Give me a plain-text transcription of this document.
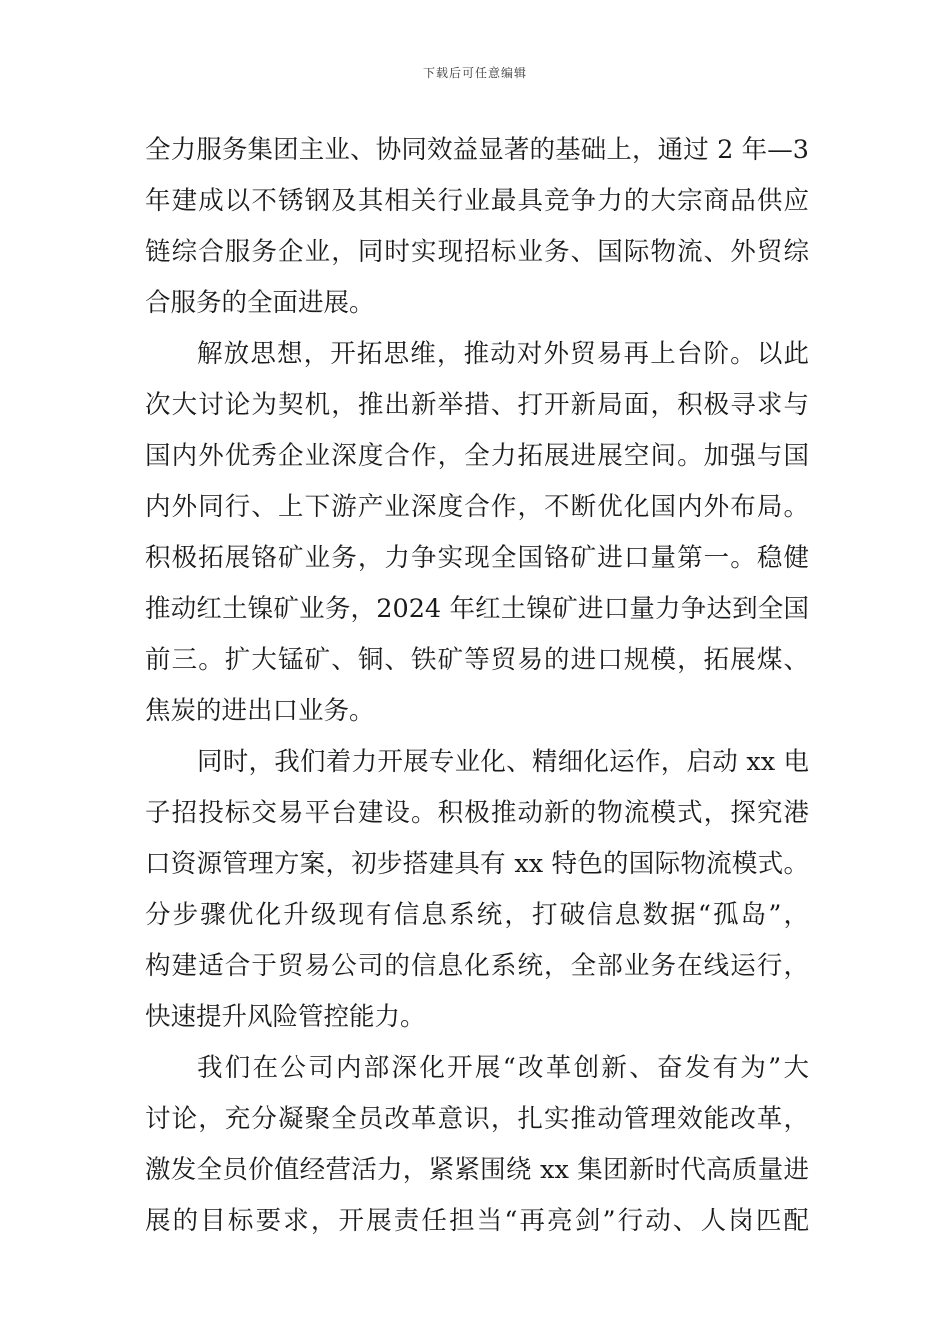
下载后可任意编辑
全力服务集团主业、协同效益显著的基础上，通过 2 年—3
年建成以不锈钢及其相关行业最具竞争力的大宗商品供应
链综合服务企业，同时实现招标业务、国际物流、外贸综
合服务的全面进展。
解放思想，开拓思维，推动对外贸易再上台阶。以此
次大讨论为契机，推出新举措、打开新局面，积极寻求与
国内外优秀企业深度合作，全力拓展进展空间。加强与国
内外同行、上下游产业深度合作，不断优化国内外布局。
积极拓展铬矿业务，力争实现全国铬矿进口量第一。稳健
推动红土镍矿业务，2024 年红土镍矿进口量力争达到全国
前三。扩大锰矿、铜、铁矿等贸易的进口规模，拓展煤、
焦炭的进出口业务。
同时，我们着力开展专业化、精细化运作，启动 xx 电
子招投标交易平台建设。积极推动新的物流模式，探究港
口资源管理方案，初步搭建具有 xx 特色的国际物流模式。
分步骤优化升级现有信息系统，打破信息数据“孤岛”，
构建适合于贸易公司的信息化系统，全部业务在线运行，
快速提升风险管控能力。
我们在公司内部深化开展“改革创新、奋发有为”大
讨论，充分凝聚全员改革意识，扎实推动管理效能改革，
激发全员价值经营活力，紧紧围绕 xx 集团新时代高质量进
展的目标要求，开展责任担当“再亮剑”行动、人岗匹配
